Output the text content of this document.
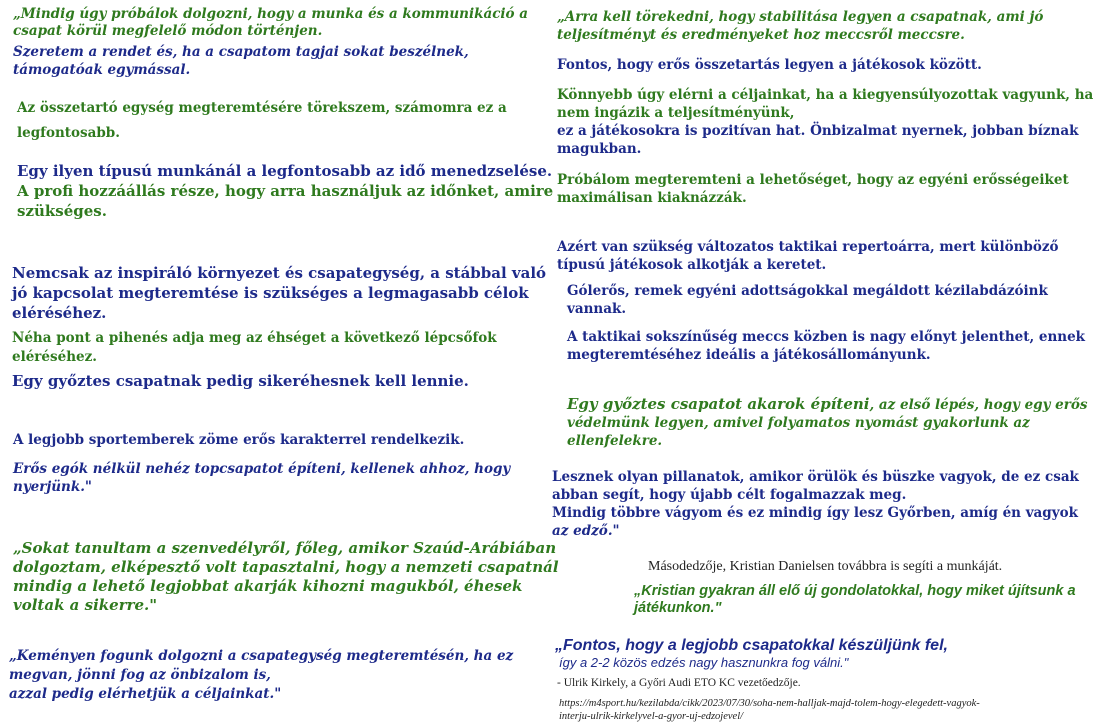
„Mindig úgy próbálok dolgozni, hogy a munka és a kommunikáció a
csapat körül megfelelő módon történjen.
Szeretem a rendet és, ha a csapatom tagjai sokat beszélnek,
támogatóak egymással.
Az összetartó egység megteremtésére törekszem, számomra ez a
legfontosabb.
Egy ilyen típusú munkánál a legfontosabb az idő menedzselése.
A profi hozzáállás része, hogy arra használjuk az időnket, amire
szükséges.
Nemcsak az inspiráló környezet és csapategység, a stábbal való
jó kapcsolat megteremtése is szükséges a legmagasabb célok
eléréséhez.
Néha pont a pihenés adja meg az éhséget a következő lépcsőfok
eléréséhez.
Egy győztes csapatnak pedig sikeréhesnek kell lennie.
A legjobb sportemberek zöme erős karakterrel rendelkezik.
Erős egók nélkül nehéz topcsapatot építeni, kellenek ahhoz, hogy
nyerjünk."
„Sokat tanultam a szenvedélyről, főleg, amikor Szaúd-Arábiában
dolgoztam, elképesztő volt tapasztalni, hogy a nemzeti csapatnál
mindig a lehető legjobbat akarják kihozni magukból, éhesek
voltak a sikerre."
„Keményen fogunk dolgozni a csapategység megteremtésén, ha ez
megvan, jönni fog az önbizalom is,
azzal pedig elérhetjük a céljainkat."
„Arra kell törekedni, hogy stabilitása legyen a csapatnak, ami jó
teljesítményt és eredményeket hoz meccsről meccsre.
Fontos, hogy erős összetartás legyen a játékosok között.
Könnyebb úgy elérni a céljainkat, ha a kiegyensúlyozottak vagyunk, ha
nem ingázik a teljesítményünk,
ez a játékosokra is pozitívan hat. Önbizalmat nyernek, jobban bíznak
magukban.
Próbálom megteremteni a lehetőséget, hogy az egyéni erősségeiket
maximálisan kiaknázzák.
Azért van szükség változatos taktikai repertoárra, mert különböző
típusú játékosok alkotják a keretet.
Gólerős, remek egyéni adottságokkal megáldott kézilabdázóink
vannak.
A taktikai sokszínűség meccs közben is nagy előnyt jelenthet, ennek
megteremtéséhez ideális a játékosállományunk.
Egy győztes csapatot akarok építeni, az első lépés, hogy egy erős
védelmünk legyen, amivel folyamatos nyomást gyakorlunk az
ellenfelekre.
Lesznek olyan pillanatok, amikor örülök és büszke vagyok, de ez csak
abban segít, hogy újabb célt fogalmazzak meg.
Mindig többre vágyom és ez mindig így lesz Győrben, amíg én vagyok
az edző."
Másodedzője, Kristian Danielsen továbbra is segíti a munkáját.
„Kristian gyakran áll elő új gondolatokkal, hogy miket újítsunk a
játékunkon."
„Fontos, hogy a legjobb csapatokkal készüljünk fel,
így a 2-2 közös edzés nagy hasznunkra fog válni."
- Ulrik Kirkely, a Győri Audi ETO KC vezetőedzője.
https://m4sport.hu/kezilabda/cikk/2023/07/30/soha-nem-halljak-majd-tolem-hogy-elegedett-vagyok-
interju-ulrik-kirkelyvel-a-gyor-uj-edzojevel/
